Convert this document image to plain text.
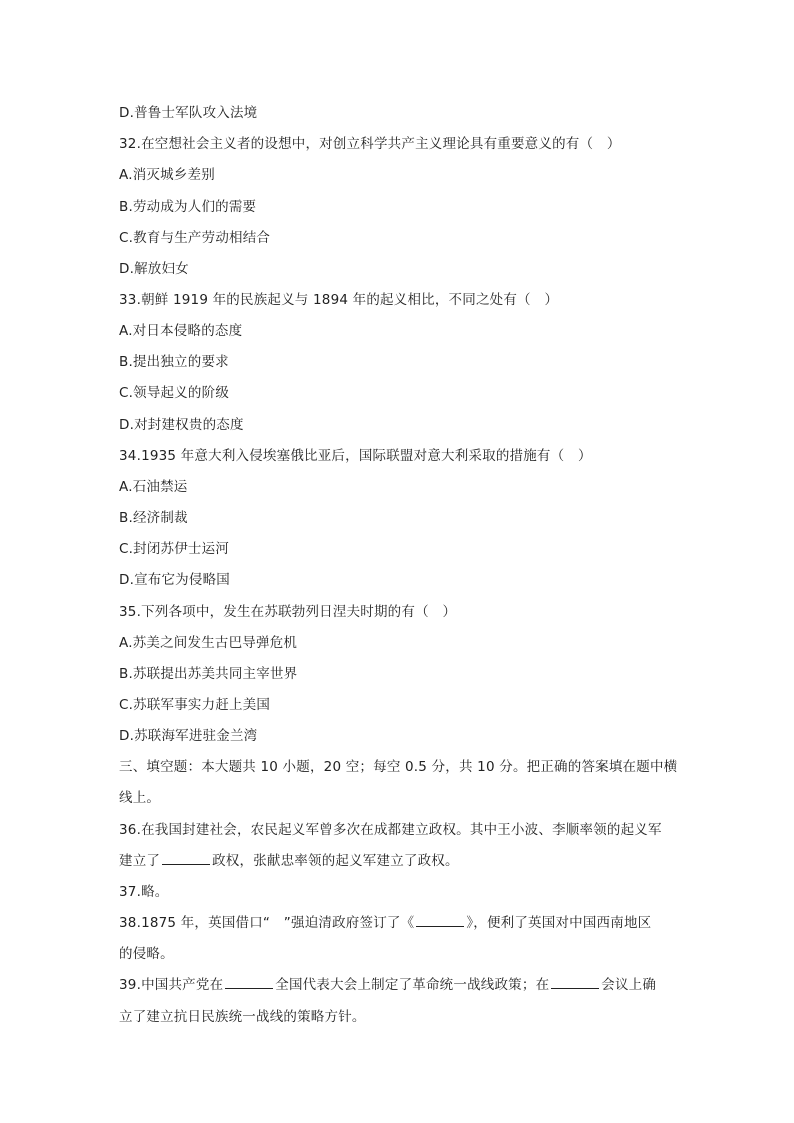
D.普鲁士军队攻入法境
32.在空想社会主义者的设想中，对创立科学共产主义理论具有重要意义的有（　）
A.消灭城乡差别
B.劳动成为人们的需要
C.教育与生产劳动相结合
D.解放妇女
33.朝鲜 1919 年的民族起义与 1894 年的起义相比，不同之处有（　）
A.对日本侵略的态度
B.提出独立的要求
C.领导起义的阶级
D.对封建权贵的态度
34.1935 年意大利入侵埃塞俄比亚后，国际联盟对意大利采取的措施有（　）
A.石油禁运
B.经济制裁
C.封闭苏伊士运河
D.宣布它为侵略国
35.下列各项中，发生在苏联勃列日涅夫时期的有（　）
A.苏美之间发生古巴导弹危机
B.苏联提出苏美共同主宰世界
C.苏联军事实力赶上美国
D.苏联海军进驻金兰湾
三、填空题：本大题共 10 小题，20 空；每空 0.5 分，共 10 分。把正确的答案填在题中横
线上。
36.在我国封建社会，农民起义军曾多次在成都建立政权。其中王小波、李顺率领的起义军
建立了	政权，张献忠率领的起义军建立了政权。
37.略。
38.1875 年，英国借口“　”强迫清政府签订了《	》，便利了英国对中国西南地区
的侵略。
39.中国共产党在	全国代表大会上制定了革命统一战线政策；在	会议上确
立了建立抗日民族统一战线的策略方针。
